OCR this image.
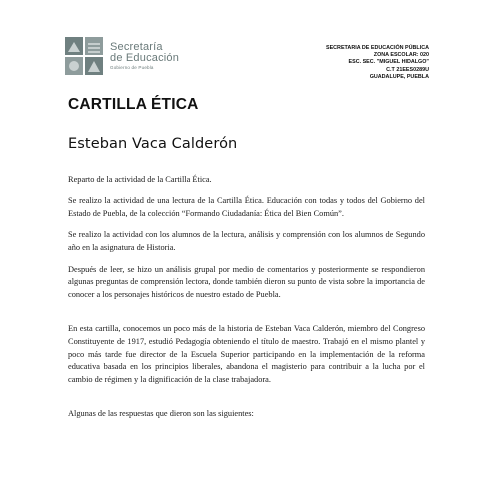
Secretaría
de Educación
Gobierno de Puebla
SECRETARIA DE EDUCACIÓN PÚBLICA
ZONA ESCOLAR: 020
ESC. SEC. "MIGUEL HIDALGO"
C.T 21EES0289U
GUADALUPE, PUEBLA
CARTILLA ÉTICA
Esteban Vaca Calderón

Reparto de la actividad de la Cartilla Ética.

Se realizo la actividad de una lectura de la Cartilla Ética. Educación con todas y todos del Gobierno del Estado de Puebla, de la colección “Formando Ciudadanía: Ética del Bien Común”.

Se realizo la actividad con los alumnos de la lectura, análisis y comprensión con los alumnos de Segundo año en la asignatura de Historia.

Después de leer, se hizo un análisis grupal por medio de comentarios y posteriormente se respondieron algunas preguntas de comprensión lectora, donde también dieron su punto de vista sobre la importancia de conocer a los personajes históricos de nuestro estado de Puebla.

En esta cartilla, conocemos un poco más de la historia de Esteban Vaca Calderón, miembro del Congreso Constituyente de 1917, estudió Pedagogía obteniendo el título de maestro. Trabajó en el mismo plantel y poco más tarde fue director de la Escuela Superior participando en la implementación de la reforma educativa basada en los principios liberales, abandona el magisterio para contribuir a la lucha por el cambio de régimen y la dignificación de la clase trabajadora.

Algunas de las respuestas que dieron son las siguientes:
